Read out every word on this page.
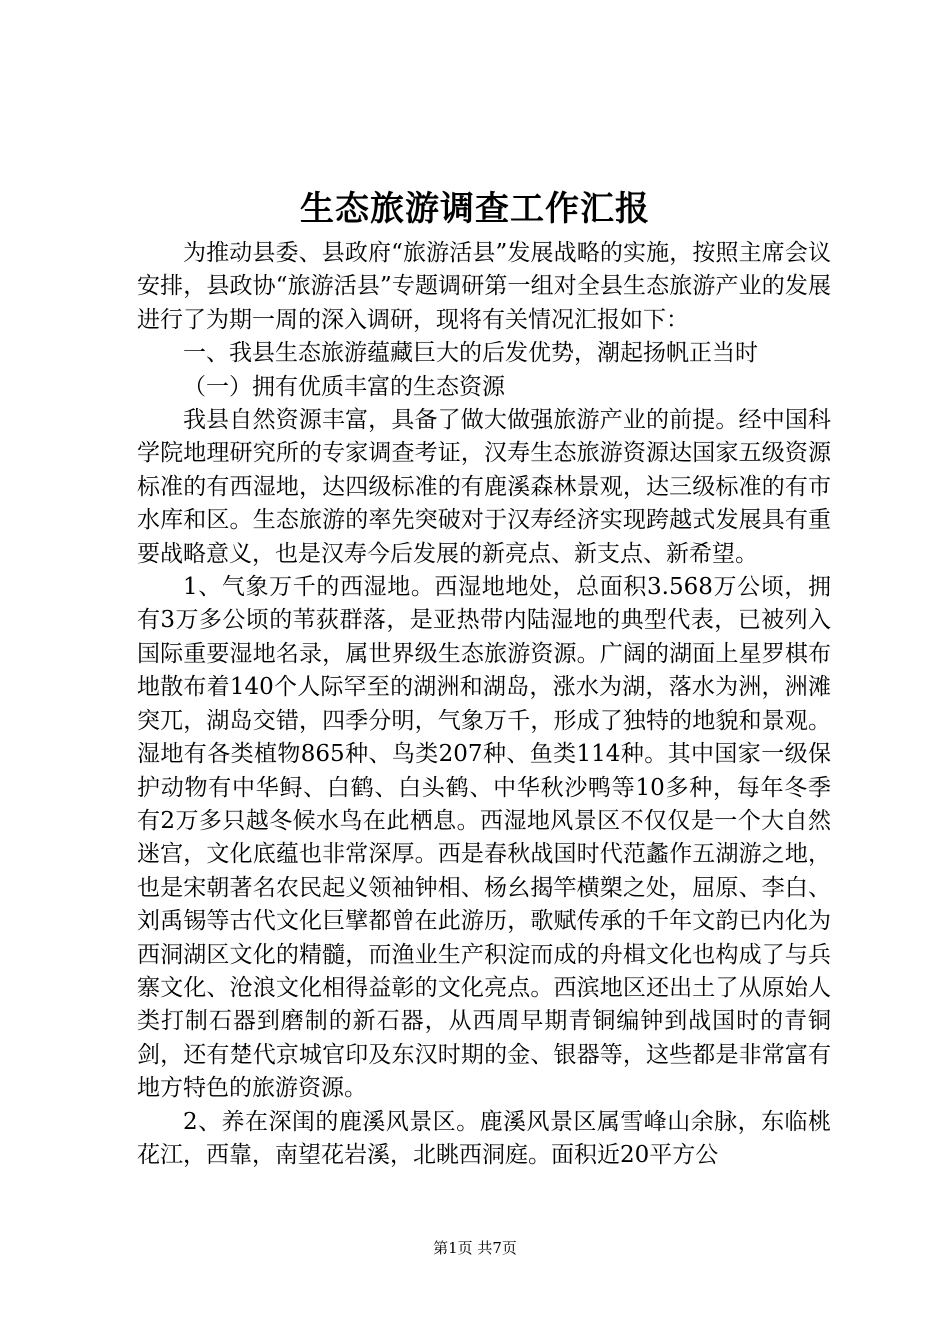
生态旅游调查工作汇报

为推动县委、县政府“旅游活县”发展战略的实施，按照主席会议安排，县政协“旅游活县”专题调研第一组对全县生态旅游产业的发展进行了为期一周的深入调研，现将有关情况汇报如下：

一、我县生态旅游蕴藏巨大的后发优势，潮起扬帆正当时

（一）拥有优质丰富的生态资源

我县自然资源丰富，具备了做大做强旅游产业的前提。经中国科学院地理研究所的专家调查考证，汉寿生态旅游资源达国家五级资源标准的有西湿地，达四级标准的有鹿溪森林景观，达三级标准的有市水库和区。生态旅游的率先突破对于汉寿经济实现跨越式发展具有重要战略意义，也是汉寿今后发展的新亮点、新支点、新希望。

1、气象万千的西湿地。西湿地地处，总面积3.568万公顷，拥有3万多公顷的苇荻群落，是亚热带内陆湿地的典型代表，已被列入国际重要湿地名录，属世界级生态旅游资源。广阔的湖面上星罗棋布地散布着140个人际罕至的湖洲和湖岛，涨水为湖，落水为洲，洲滩突兀，湖岛交错，四季分明，气象万千，形成了独特的地貌和景观。湿地有各类植物865种、鸟类207种、鱼类114种。其中国家一级保护动物有中华鲟、白鹤、白头鹤、中华秋沙鸭等10多种，每年冬季有2万多只越冬候水鸟在此栖息。西湿地风景区不仅仅是一个大自然迷宫，文化底蕴也非常深厚。西是春秋战国时代范蠡作五湖游之地，也是宋朝著名农民起义领袖钟相、杨幺揭竿横槊之处，屈原、李白、刘禹锡等古代文化巨擘都曾在此游历，歌赋传承的千年文韵已内化为西洞湖区文化的精髓，而渔业生产积淀而成的舟楫文化也构成了与兵寨文化、沧浪文化相得益彰的文化亮点。西滨地区还出土了从原始人类打制石器到磨制的新石器，从西周早期青铜编钟到战国时的青铜剑，还有楚代京城官印及东汉时期的金、银器等，这些都是非常富有地方特色的旅游资源。

2、养在深闺的鹿溪风景区。鹿溪风景区属雪峰山余脉，东临桃花江，西靠，南望花岩溪，北眺西洞庭。面积近20平方公

第1页 共7页
